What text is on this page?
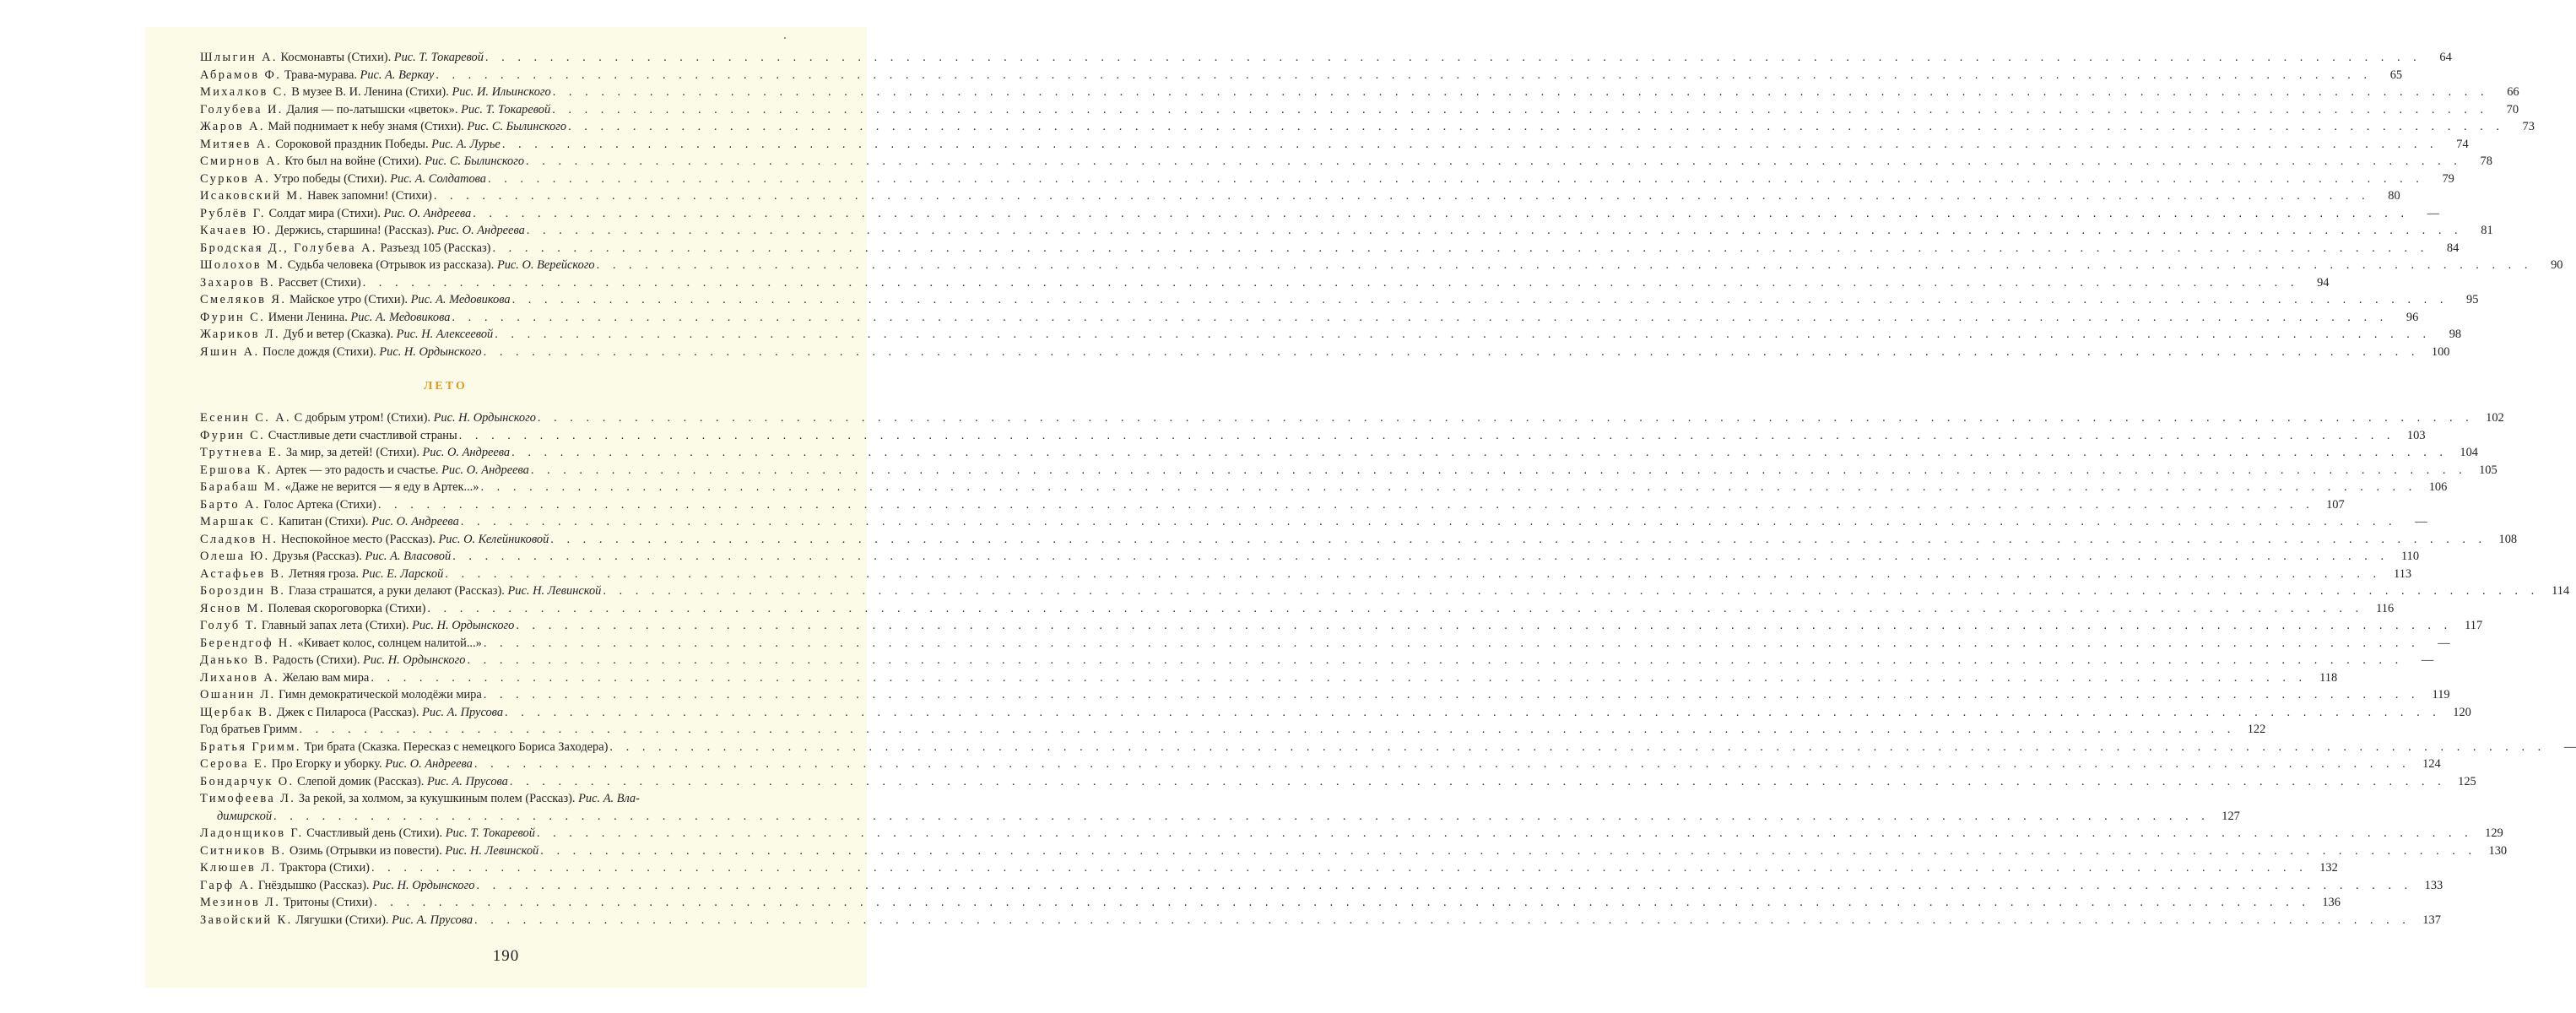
Шлыгин А. Космонавты (Стихи). Рис. Т. Токаревой . . . . . . . . . . . . . . . . . . . . . . . . . . . . . . . . . . . . . . . . . . . . . . . . . . . . . . . . . . . . . . . . . . . . . . . . . . . . . . . . . . . . . . . . . . . . . . . . . . . . . . . . . . . . . . . . . . . . . . . .	64
Абрамов Ф. Трава-мурава. Рис. А. Веркау . . . . . . . . . . . . . . . . . . . . . . . . . . . . . . . . . . . . . . . . . . . . . . . . . . . . . . . . . . . . . . . . . . . . . . . . . . . . . . . . . . . . . . . . . . . . . . . . . . . . . . . . . . . . . . . . . . . . . . . .	65
Михалков С. В музее В. И. Ленина (Стихи). Рис. И. Ильинского . . . . . . . . . . . . . . . . . . . . . . . . . . . . . . . . . . . . . . . . . . . . . . . . . . . . . . . . . . . . . . . . . . . . . . . . . . . . . . . . . . . . . . . . . . . . . . . . . . . . . . . . . . . . . . . . . . . . . . . .	66
Голубева И. Далия — по-латышски «цветок». Рис. Т. Токаревой . . . . . . . . . . . . . . . . . . . . . . . . . . . . . . . . . . . . . . . . . . . . . . . . . . . . . . . . . . . . . . . . . . . . . . . . . . . . . . . . . . . . . . . . . . . . . . . . . . . . . . . . . . . . . . . . . . . . . . . .	70
Жаров А. Май поднимает к небу знамя (Стихи). Рис. С. Былинского . . . . . . . . . . . . . . . . . . . . . . . . . . . . . . . . . . . . . . . . . . . . . . . . . . . . . . . . . . . . . . . . . . . . . . . . . . . . . . . . . . . . . . . . . . . . . . . . . . . . . . . . . . . . . . . . . . . . . . . .	73
Митяев А. Сороковой праздник Победы. Рис. А. Лурье . . . . . . . . . . . . . . . . . . . . . . . . . . . . . . . . . . . . . . . . . . . . . . . . . . . . . . . . . . . . . . . . . . . . . . . . . . . . . . . . . . . . . . . . . . . . . . . . . . . . . . . . . . . . . . . . . . . . . . . .	74
Смирнов А. Кто был на войне (Стихи). Рис. С. Былинского . . . . . . . . . . . . . . . . . . . . . . . . . . . . . . . . . . . . . . . . . . . . . . . . . . . . . . . . . . . . . . . . . . . . . . . . . . . . . . . . . . . . . . . . . . . . . . . . . . . . . . . . . . . . . . . . . . . . . . . .	78
Сурков А. Утро победы (Стихи). Рис. А. Солдатова . . . . . . . . . . . . . . . . . . . . . . . . . . . . . . . . . . . . . . . . . . . . . . . . . . . . . . . . . . . . . . . . . . . . . . . . . . . . . . . . . . . . . . . . . . . . . . . . . . . . . . . . . . . . . . . . . . . . . . . .	79
Исаковский М. Навек запомни! (Стихи) . . . . . . . . . . . . . . . . . . . . . . . . . . . . . . . . . . . . . . . . . . . . . . . . . . . . . . . . . . . . . . . . . . . . . . . . . . . . . . . . . . . . . . . . . . . . . . . . . . . . . . . . . . . . . . . . . . . . . . . .	80
Рублёв Г. Солдат мира (Стихи). Рис. О. Андреева . . . . . . . . . . . . . . . . . . . . . . . . . . . . . . . . . . . . . . . . . . . . . . . . . . . . . . . . . . . . . . . . . . . . . . . . . . . . . . . . . . . . . . . . . . . . . . . . . . . . . . . . . . . . . . . . . . . . . . . .	—
Качаев Ю. Держись, старшина! (Рассказ). Рис. О. Андреева . . . . . . . . . . . . . . . . . . . . . . . . . . . . . . . . . . . . . . . . . . . . . . . . . . . . . . . . . . . . . . . . . . . . . . . . . . . . . . . . . . . . . . . . . . . . . . . . . . . . . . . . . . . . . . . . . . . . . . . .	81
Бродская Д., Голубева А. Разъезд 105 (Рассказ) . . . . . . . . . . . . . . . . . . . . . . . . . . . . . . . . . . . . . . . . . . . . . . . . . . . . . . . . . . . . . . . . . . . . . . . . . . . . . . . . . . . . . . . . . . . . . . . . . . . . . . . . . . . . . . . . . . . . . . . .	84
Шолохов М. Судьба человека (Отрывок из рассказа). Рис. О. Верейского . . . . . . . . . . . . . . . . . . . . . . . . . . . . . . . . . . . . . . . . . . . . . . . . . . . . . . . . . . . . . . . . . . . . . . . . . . . . . . . . . . . . . . . . . . . . . . . . . . . . . . . . . . . . . . . . . . . . . . . .	90
Захаров В. Рассвет (Стихи) . . . . . . . . . . . . . . . . . . . . . . . . . . . . . . . . . . . . . . . . . . . . . . . . . . . . . . . . . . . . . . . . . . . . . . . . . . . . . . . . . . . . . . . . . . . . . . . . . . . . . . . . . . . . . . . . . . . . . . . .	94
Смеляков Я. Майское утро (Стихи). Рис. А. Медовикова . . . . . . . . . . . . . . . . . . . . . . . . . . . . . . . . . . . . . . . . . . . . . . . . . . . . . . . . . . . . . . . . . . . . . . . . . . . . . . . . . . . . . . . . . . . . . . . . . . . . . . . . . . . . . . . . . . . . . . . .	95
Фурин С. Имени Ленина. Рис. А. Медовикова . . . . . . . . . . . . . . . . . . . . . . . . . . . . . . . . . . . . . . . . . . . . . . . . . . . . . . . . . . . . . . . . . . . . . . . . . . . . . . . . . . . . . . . . . . . . . . . . . . . . . . . . . . . . . . . . . . . . . . . .	96
Жариков Л. Дуб и ветер (Сказка). Рис. Н. Алексеевой . . . . . . . . . . . . . . . . . . . . . . . . . . . . . . . . . . . . . . . . . . . . . . . . . . . . . . . . . . . . . . . . . . . . . . . . . . . . . . . . . . . . . . . . . . . . . . . . . . . . . . . . . . . . . . . . . . . . . . . .	98
Яшин А. После дождя (Стихи). Рис. Н. Ордынского . . . . . . . . . . . . . . . . . . . . . . . . . . . . . . . . . . . . . . . . . . . . . . . . . . . . . . . . . . . . . . . . . . . . . . . . . . . . . . . . . . . . . . . . . . . . . . . . . . . . . . . . . . . . . . . . . . . . . . . .	100
ЛЕТО
Есенин С. А. С добрым утром! (Стихи). Рис. Н. Ордынского . . . . . . . . . . . . . . . . . . . . . . . . . . . . . . . . . . . . . . . . . . . . . . . . . . . . . . . . . . . . . . . . . . . . . . . . . . . . . . . . . . . . . . . . . . . . . . . . . . . . . . . . . . . . . . . . . . . . . . . .	102
Фурин С. Счастливые дети счастливой страны . . . . . . . . . . . . . . . . . . . . . . . . . . . . . . . . . . . . . . . . . . . . . . . . . . . . . . . . . . . . . . . . . . . . . . . . . . . . . . . . . . . . . . . . . . . . . . . . . . . . . . . . . . . . . . . . . . . . . . . .	103
Трутнева Е. За мир, за детей! (Стихи). Рис. О. Андреева . . . . . . . . . . . . . . . . . . . . . . . . . . . . . . . . . . . . . . . . . . . . . . . . . . . . . . . . . . . . . . . . . . . . . . . . . . . . . . . . . . . . . . . . . . . . . . . . . . . . . . . . . . . . . . . . . . . . . . . .	104
Ершова К. Артек — это радость и счастье. Рис. О. Андреева . . . . . . . . . . . . . . . . . . . . . . . . . . . . . . . . . . . . . . . . . . . . . . . . . . . . . . . . . . . . . . . . . . . . . . . . . . . . . . . . . . . . . . . . . . . . . . . . . . . . . . . . . . . . . . . . . . . . . . . .	105
Барабаш М. «Даже не верится — я еду в Артек...» . . . . . . . . . . . . . . . . . . . . . . . . . . . . . . . . . . . . . . . . . . . . . . . . . . . . . . . . . . . . . . . . . . . . . . . . . . . . . . . . . . . . . . . . . . . . . . . . . . . . . . . . . . . . . . . . . . . . . . . .	106
Барто А. Голос Артека (Стихи) . . . . . . . . . . . . . . . . . . . . . . . . . . . . . . . . . . . . . . . . . . . . . . . . . . . . . . . . . . . . . . . . . . . . . . . . . . . . . . . . . . . . . . . . . . . . . . . . . . . . . . . . . . . . . . . . . . . . . . . .	107
Маршак С. Капитан (Стихи). Рис. О. Андреева . . . . . . . . . . . . . . . . . . . . . . . . . . . . . . . . . . . . . . . . . . . . . . . . . . . . . . . . . . . . . . . . . . . . . . . . . . . . . . . . . . . . . . . . . . . . . . . . . . . . . . . . . . . . . . . . . . . . . . . .	—
Сладков Н. Неспокойное место (Рассказ). Рис. О. Келейниковой . . . . . . . . . . . . . . . . . . . . . . . . . . . . . . . . . . . . . . . . . . . . . . . . . . . . . . . . . . . . . . . . . . . . . . . . . . . . . . . . . . . . . . . . . . . . . . . . . . . . . . . . . . . . . . . . . . . . . . . .	108
Олеша Ю. Друзья (Рассказ). Рис. А. Власовой . . . . . . . . . . . . . . . . . . . . . . . . . . . . . . . . . . . . . . . . . . . . . . . . . . . . . . . . . . . . . . . . . . . . . . . . . . . . . . . . . . . . . . . . . . . . . . . . . . . . . . . . . . . . . . . . . . . . . . . .	110
Астафьев В. Летняя гроза. Рис. Е. Ларской . . . . . . . . . . . . . . . . . . . . . . . . . . . . . . . . . . . . . . . . . . . . . . . . . . . . . . . . . . . . . . . . . . . . . . . . . . . . . . . . . . . . . . . . . . . . . . . . . . . . . . . . . . . . . . . . . . . . . . . .	113
Бороздин В. Глаза страшатся, а руки делают (Рассказ). Рис. Н. Левинской . . . . . . . . . . . . . . . . . . . . . . . . . . . . . . . . . . . . . . . . . . . . . . . . . . . . . . . . . . . . . . . . . . . . . . . . . . . . . . . . . . . . . . . . . . . . . . . . . . . . . . . . . . . . . . . . . . . . . . . .	114
Яснов М. Полевая скороговорка (Стихи) . . . . . . . . . . . . . . . . . . . . . . . . . . . . . . . . . . . . . . . . . . . . . . . . . . . . . . . . . . . . . . . . . . . . . . . . . . . . . . . . . . . . . . . . . . . . . . . . . . . . . . . . . . . . . . . . . . . . . . . .	116
Голуб Т. Главный запах лета (Стихи). Рис. Н. Ордынского . . . . . . . . . . . . . . . . . . . . . . . . . . . . . . . . . . . . . . . . . . . . . . . . . . . . . . . . . . . . . . . . . . . . . . . . . . . . . . . . . . . . . . . . . . . . . . . . . . . . . . . . . . . . . . . . . . . . . . . .	117
Берендгоф Н. «Кивает колос, солнцем налитой...» . . . . . . . . . . . . . . . . . . . . . . . . . . . . . . . . . . . . . . . . . . . . . . . . . . . . . . . . . . . . . . . . . . . . . . . . . . . . . . . . . . . . . . . . . . . . . . . . . . . . . . . . . . . . . . . . . . . . . . . .	—
Данько В. Радость (Стихи). Рис. Н. Ордынского . . . . . . . . . . . . . . . . . . . . . . . . . . . . . . . . . . . . . . . . . . . . . . . . . . . . . . . . . . . . . . . . . . . . . . . . . . . . . . . . . . . . . . . . . . . . . . . . . . . . . . . . . . . . . . . . . . . . . . . .	—
Лиханов А. Желаю вам мира . . . . . . . . . . . . . . . . . . . . . . . . . . . . . . . . . . . . . . . . . . . . . . . . . . . . . . . . . . . . . . . . . . . . . . . . . . . . . . . . . . . . . . . . . . . . . . . . . . . . . . . . . . . . . . . . . . . . . . . .	118
Ошанин Л. Гимн демократической молодёжи мира . . . . . . . . . . . . . . . . . . . . . . . . . . . . . . . . . . . . . . . . . . . . . . . . . . . . . . . . . . . . . . . . . . . . . . . . . . . . . . . . . . . . . . . . . . . . . . . . . . . . . . . . . . . . . . . . . . . . . . . .	119
Щербак В. Джек с Пилароса (Рассказ). Рис. А. Прусова . . . . . . . . . . . . . . . . . . . . . . . . . . . . . . . . . . . . . . . . . . . . . . . . . . . . . . . . . . . . . . . . . . . . . . . . . . . . . . . . . . . . . . . . . . . . . . . . . . . . . . . . . . . . . . . . . . . . . . . .	120
Год братьев Гримм . . . . . . . . . . . . . . . . . . . . . . . . . . . . . . . . . . . . . . . . . . . . . . . . . . . . . . . . . . . . . . . . . . . . . . . . . . . . . . . . . . . . . . . . . . . . . . . . . . . . . . . . . . . . . . . . . . . . . . . .	122
Братья Гримм. Три брата (Сказка. Пересказ с немецкого Бориса Заходера) . . . . . . . . . . . . . . . . . . . . . . . . . . . . . . . . . . . . . . . . . . . . . . . . . . . . . . . . . . . . . . . . . . . . . . . . . . . . . . . . . . . . . . . . . . . . . . . . . . . . . . . . . . . . . . . . . . . . . . . .	—
Серова Е. Про Егорку и уборку. Рис. О. Андреева . . . . . . . . . . . . . . . . . . . . . . . . . . . . . . . . . . . . . . . . . . . . . . . . . . . . . . . . . . . . . . . . . . . . . . . . . . . . . . . . . . . . . . . . . . . . . . . . . . . . . . . . . . . . . . . . . . . . . . . .	124
Бондарчук О. Слепой домик (Рассказ). Рис. А. Прусова . . . . . . . . . . . . . . . . . . . . . . . . . . . . . . . . . . . . . . . . . . . . . . . . . . . . . . . . . . . . . . . . . . . . . . . . . . . . . . . . . . . . . . . . . . . . . . . . . . . . . . . . . . . . . . . . . . . . . . . .	125
Тимофеева Л. За рекой, за холмом, за кукушкиным полем (Рассказ). Рис. А. Вла-
димирской . . . . . . . . . . . . . . . . . . . . . . . . . . . . . . . . . . . . . . . . . . . . . . . . . . . . . . . . . . . . . . . . . . . . . . . . . . . . . . . . . . . . . . . . . . . . . . . . . . . . . . . . . . . . . . . . . . . . . . . .	127
Ладонщиков Г. Счастливый день (Стихи). Рис. Т. Токаревой . . . . . . . . . . . . . . . . . . . . . . . . . . . . . . . . . . . . . . . . . . . . . . . . . . . . . . . . . . . . . . . . . . . . . . . . . . . . . . . . . . . . . . . . . . . . . . . . . . . . . . . . . . . . . . . . . . . . . . . .	129
Ситников В. Озимь (Отрывки из повести). Рис. Н. Левинской . . . . . . . . . . . . . . . . . . . . . . . . . . . . . . . . . . . . . . . . . . . . . . . . . . . . . . . . . . . . . . . . . . . . . . . . . . . . . . . . . . . . . . . . . . . . . . . . . . . . . . . . . . . . . . . . . . . . . . . .	130
Клюшев Л. Трактора (Стихи) . . . . . . . . . . . . . . . . . . . . . . . . . . . . . . . . . . . . . . . . . . . . . . . . . . . . . . . . . . . . . . . . . . . . . . . . . . . . . . . . . . . . . . . . . . . . . . . . . . . . . . . . . . . . . . . . . . . . . . . .	132
Гарф А. Гнёздышко (Рассказ). Рис. Н. Ордынского . . . . . . . . . . . . . . . . . . . . . . . . . . . . . . . . . . . . . . . . . . . . . . . . . . . . . . . . . . . . . . . . . . . . . . . . . . . . . . . . . . . . . . . . . . . . . . . . . . . . . . . . . . . . . . . . . . . . . . . .	133
Мезинов Л. Тритоны (Стихи) . . . . . . . . . . . . . . . . . . . . . . . . . . . . . . . . . . . . . . . . . . . . . . . . . . . . . . . . . . . . . . . . . . . . . . . . . . . . . . . . . . . . . . . . . . . . . . . . . . . . . . . . . . . . . . . . . . . . . . . .	136
Завойский К. Лягушки (Стихи). Рис. А. Прусова . . . . . . . . . . . . . . . . . . . . . . . . . . . . . . . . . . . . . . . . . . . . . . . . . . . . . . . . . . . . . . . . . . . . . . . . . . . . . . . . . . . . . . . . . . . . . . . . . . . . . . . . . . . . . . . . . . . . . . . .	137
190
